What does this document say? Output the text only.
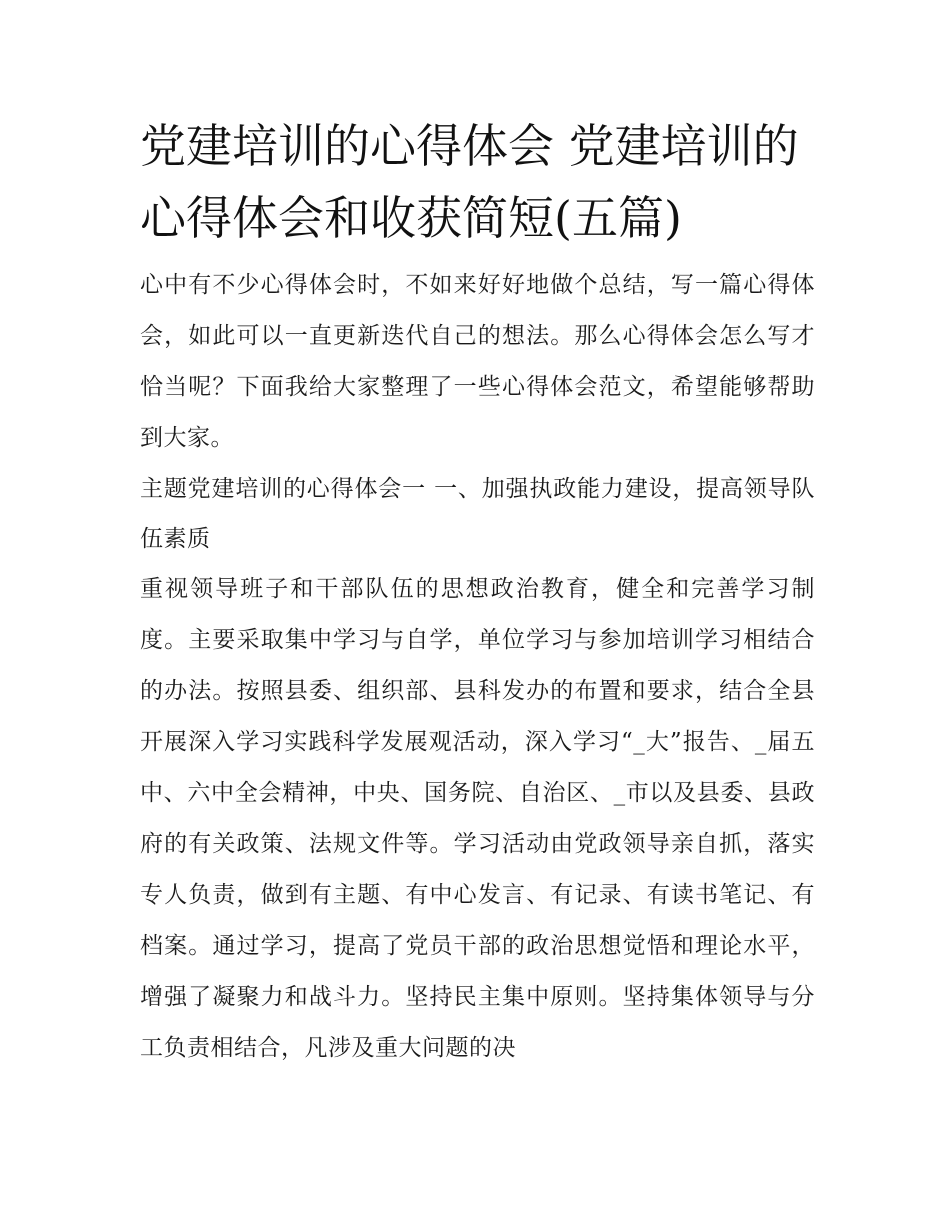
党建培训的心得体会 党建培训的心得体会和收获简短(五篇)

心中有不少心得体会时，不如来好好地做个总结，写一篇心得体会，如此可以一直更新迭代自己的想法。那么心得体会怎么写才恰当呢？下面我给大家整理了一些心得体会范文，希望能够帮助到大家。

主题党建培训的心得体会一 一、加强执政能力建设，提高领导队伍素质

重视领导班子和干部队伍的思想政治教育，健全和完善学习制度。主要采取集中学习与自学，单位学习与参加培训学习相结合的办法。按照县委、组织部、县科发办的布置和要求，结合全县开展深入学习实践科学发展观活动，深入学习“_大”报告、_届五中、六中全会精神，中央、国务院、自治区、_市以及县委、县政府的有关政策、法规文件等。学习活动由党政领导亲自抓，落实专人负责，做到有主题、有中心发言、有记录、有读书笔记、有档案。通过学习，提高了党员干部的政治思想觉悟和理论水平，增强了凝聚力和战斗力。坚持民主集中原则。坚持集体领导与分工负责相结合，凡涉及重大问题的决
